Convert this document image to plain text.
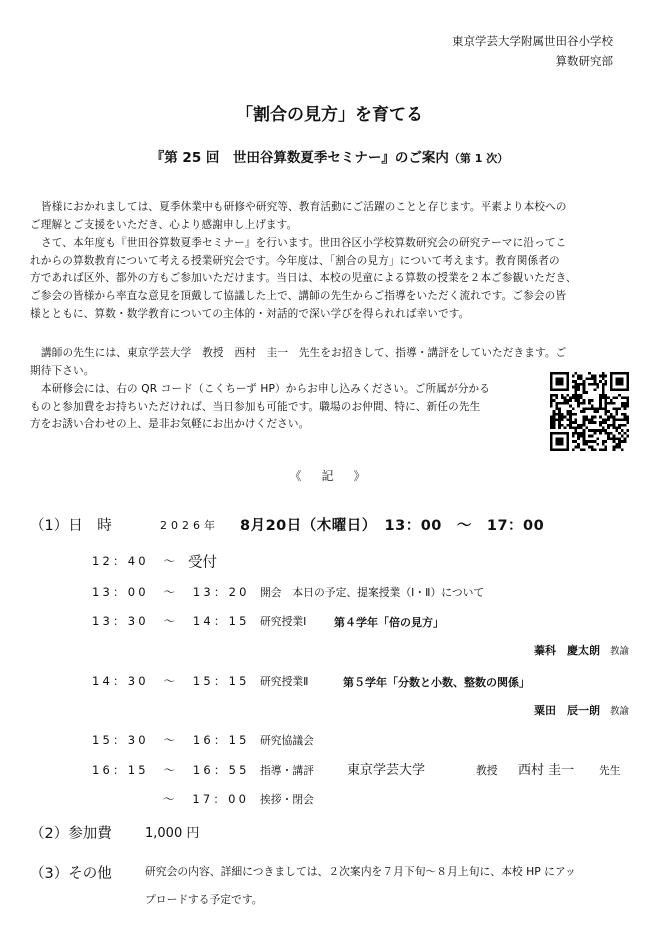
東京学芸大学附属世田谷小学校
算数研究部
「割合の見方」を育てる
『第 25 回　世田谷算数夏季セミナー』のご案内（第 1 次）
皆様におかれましては、夏季休業中も研修や研究等、教育活動にご活躍のことと存じます。平素より本校への
ご理解とご支援をいただき、心より感謝申し上げます。
さて、本年度も『世田谷算数夏季セミナー』を行います。世田谷区小学校算数研究会の研究テーマに沿ってこ
れからの算数教育について考える授業研究会です。今年度は、「割合の見方」について考えます。教育関係者の
方であれば区外、都外の方もご参加いただけます。当日は、本校の児童による算数の授業を２本ご参観いただき、
ご参会の皆様から率直な意見を頂戴して協議した上で、講師の先生からご指導をいただく流れです。ご参会の皆
様とともに、算数・数学教育についての主体的・対話的で深い学びを得られれば幸いです。
講師の先生には、東京学芸大学　教授　西村　圭一　先生をお招きして、指導・講評をしていただきます。ご
期待下さい。
本研修会には、右の QR コード（こくちーず HP）からお申し込みください。ご所属が分かる
ものと参加費をお持ちいただければ、当日参加も可能です。職場のお仲間、特に、新任の先生
方をお誘い合わせの上、是非お気軽にお出かけください。
《　記　》
（1）日　時	2026年 8月20日（木曜日）　13：00　～　17：00
12：40　～ 受付
13：00　～　13：20 開会　本日の予定、提案授業（Ⅰ・Ⅱ）について
13：30　～　14：15 研究授業Ⅰ	第４学年「倍の見方」
蓁科　慶太朗 教諭
14：30　～　15：15 研究授業Ⅱ	第５学年「分数と小数、整数の関係」
粟田　辰一朗 教諭
15：30　～　16：15 研究協議会
16：15　～　16：55 指導・講評	東京学芸大学	教授 西村 圭一 先生
～　17：00 挨拶・閉会
（2）参加費	1,000 円
（3）その他	研究会の内容、詳細につきましては、２次案内を７月下旬～８月上旬に、本校 HP にアッ
プロードする予定です。
